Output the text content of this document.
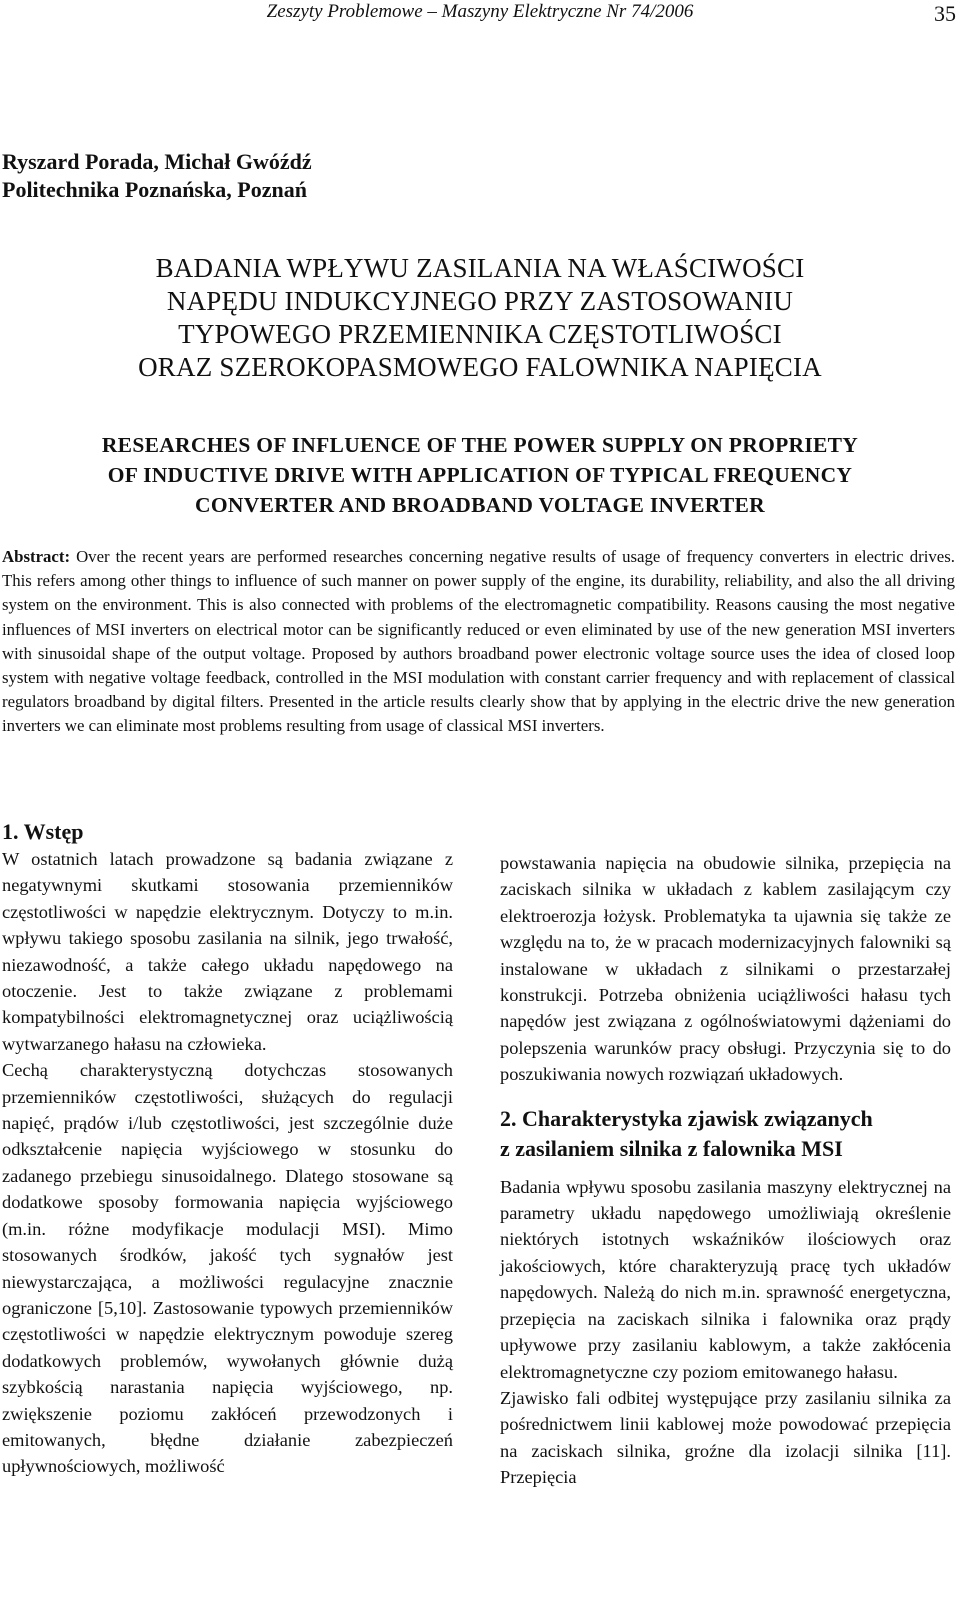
Zeszyty Problemowe – Maszyny Elektryczne Nr 74/2006	35
Ryszard Porada, Michał Gwóźdź
Politechnika Poznańska, Poznań
BADANIA WPŁYWU ZASILANIA NA WŁAŚCIWOŚCI
NAPĘDU INDUKCYJNEGO PRZY ZASTOSOWANIU
TYPOWEGO PRZEMIENNIKA CZĘSTOTLIWOŚCI
ORAZ SZEROKOPASMOWEGO FALOWNIKA NAPIĘCIA
RESEARCHES OF INFLUENCE OF THE POWER SUPPLY ON PROPRIETY
OF INDUCTIVE DRIVE WITH APPLICATION OF TYPICAL FREQUENCY
CONVERTER AND BROADBAND VOLTAGE INVERTER
Abstract: Over the recent years are performed researches concerning negative results of usage of frequency converters in electric drives. This refers among other things to influence of such manner on power supply of the engine, its durability, reliability, and also the all driving system on the environment. This is also connected with problems of the electromagnetic compatibility. Reasons causing the most negative influences of MSI inverters on electrical motor can be significantly reduced or even eliminated by use of the new generation MSI inverters with sinusoidal shape of the output voltage. Proposed by authors broadband power electronic voltage source uses the idea of closed loop system with negative voltage feedback, controlled in the MSI modulation with constant carrier frequency and with replacement of classical regulators broadband by digital filters. Presented in the article results clearly show that by applying in the electric drive the new generation inverters we can eliminate most problems resulting from usage of classical MSI inverters.
1. Wstęp

W ostatnich latach prowadzone są badania związane z negatywnymi skutkami stosowania przemienników częstotliwości w napędzie elektrycznym. Dotyczy to m.in. wpływu takiego sposobu zasilania na silnik, jego trwałość, niezawodność, a także całego układu napędowego na otoczenie. Jest to także związane z problemami kompatybilności elektromagnetycznej oraz uciążliwością wytwarzanego hałasu na człowieka.

Cechą charakterystyczną dotychczas stosowanych przemienników częstotliwości, służących do regulacji napięć, prądów i/lub częstotliwości, jest szczególnie duże odkształcenie napięcia wyjściowego w stosunku do zadanego przebiegu sinusoidalnego. Dlatego stosowane są dodatkowe sposoby formowania napięcia wyjściowego (m.in. różne modyfikacje modulacji MSI). Mimo stosowanych środków, jakość tych sygnałów jest niewystarczająca, a możliwości regulacyjne znacznie ograniczone [5,10]. Zastosowanie typowych przemienników częstotliwości w napędzie elektrycznym powoduje szereg dodatkowych problemów, wywołanych głównie dużą szybkością narastania napięcia wyjściowego, np. zwiększenie poziomu zakłóceń przewodzonych i emitowanych, błędne działanie zabezpieczeń upływnościowych, możliwość

powstawania napięcia na obudowie silnika, przepięcia na zaciskach silnika w układach z kablem zasilającym czy elektroerozja łożysk. Problematyka ta ujawnia się także ze względu na to, że w pracach modernizacyjnych falowniki są instalowane w układach z silnikami o przestarzałej konstrukcji. Potrzeba obniżenia uciążliwości hałasu tych napędów jest związana z ogólnoświatowymi dążeniami do polepszenia warunków pracy obsługi. Przyczynia się to do poszukiwania nowych rozwiązań układowych.

2. Charakterystyka zjawisk związanych
z zasilaniem silnika z falownika MSI

Badania wpływu sposobu zasilania maszyny elektrycznej na parametry układu napędowego umożliwiają określenie niektórych istotnych wskaźników ilościowych oraz jakościowych, które charakteryzują pracę tych układów napędowych. Należą do nich m.in. sprawność energetyczna, przepięcia na zaciskach silnika i falownika oraz prądy upływowe przy zasilaniu kablowym, a także zakłócenia elektromagnetyczne czy poziom emitowanego hałasu.

Zjawisko fali odbitej występujące przy zasilaniu silnika za pośrednictwem linii kablowej może powodować przepięcia na zaciskach silnika, groźne dla izolacji silnika [11]. Przepięcia
